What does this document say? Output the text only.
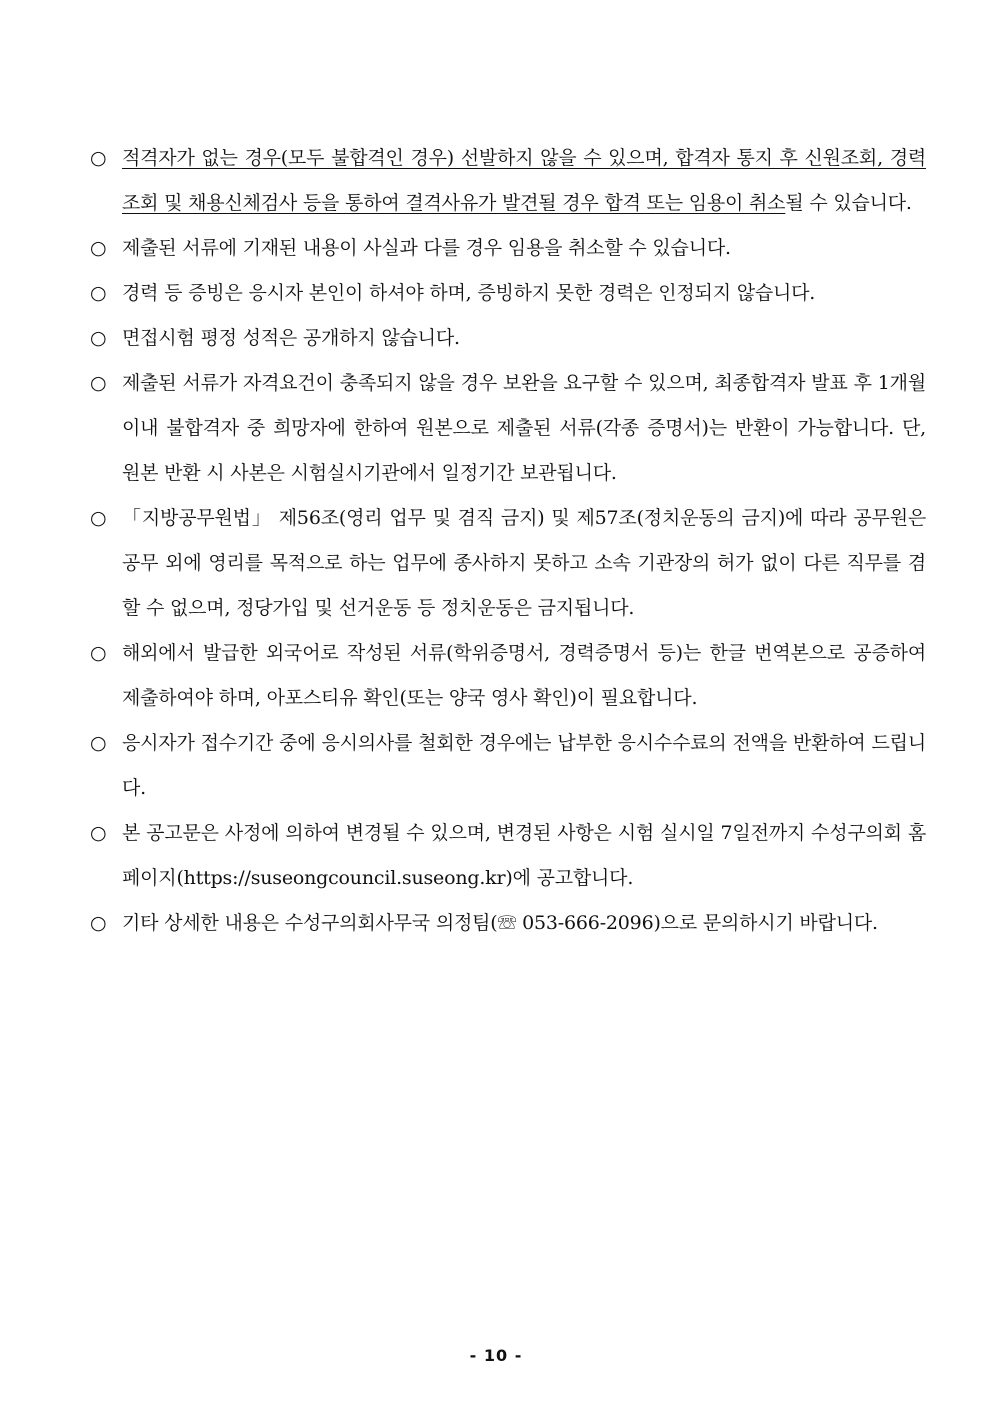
○ 적격자가 없는 경우(모두 불합격인 경우) 선발하지 않을 수 있으며, 합격자 통지 후 신원조회, 경력조회 및 채용신체검사 등을 통하여 결격사유가 발견될 경우 합격 또는 임용이 취소될 수 있습니다.

○ 제출된 서류에 기재된 내용이 사실과 다를 경우 임용을 취소할 수 있습니다.

○ 경력 등 증빙은 응시자 본인이 하셔야 하며, 증빙하지 못한 경력은 인정되지 않습니다.

○ 면접시험 평정 성적은 공개하지 않습니다.

○ 제출된 서류가 자격요건이 충족되지 않을 경우 보완을 요구할 수 있으며, 최종합격자 발표 후 1개월 이내 불합격자 중 희망자에 한하여 원본으로 제출된 서류(각종 증명서)는 반환이 가능합니다. 단, 원본 반환 시 사본은 시험실시기관에서 일정기간 보관됩니다.

○ 「지방공무원법」 제56조(영리 업무 및 겸직 금지) 및 제57조(정치운동의 금지)에 따라 공무원은 공무 외에 영리를 목적으로 하는 업무에 종사하지 못하고 소속 기관장의 허가 없이 다른 직무를 겸할 수 없으며, 정당가입 및 선거운동 등 정치운동은 금지됩니다.

○ 해외에서 발급한 외국어로 작성된 서류(학위증명서, 경력증명서 등)는 한글 번역본으로 공증하여 제출하여야 하며, 아포스티유 확인(또는 양국 영사 확인)이 필요합니다.

○ 응시자가 접수기간 중에 응시의사를 철회한 경우에는 납부한 응시수수료의 전액을 반환하여 드립니다.

○ 본 공고문은 사정에 의하여 변경될 수 있으며, 변경된 사항은 시험 실시일 7일전까지 수성구의회 홈페이지(https://suseongcouncil.suseong.kr)에 공고합니다.

○ 기타 상세한 내용은 수성구의회사무국 의정팀(☏ 053-666-2096)으로 문의하시기 바랍니다.

- 10 -
